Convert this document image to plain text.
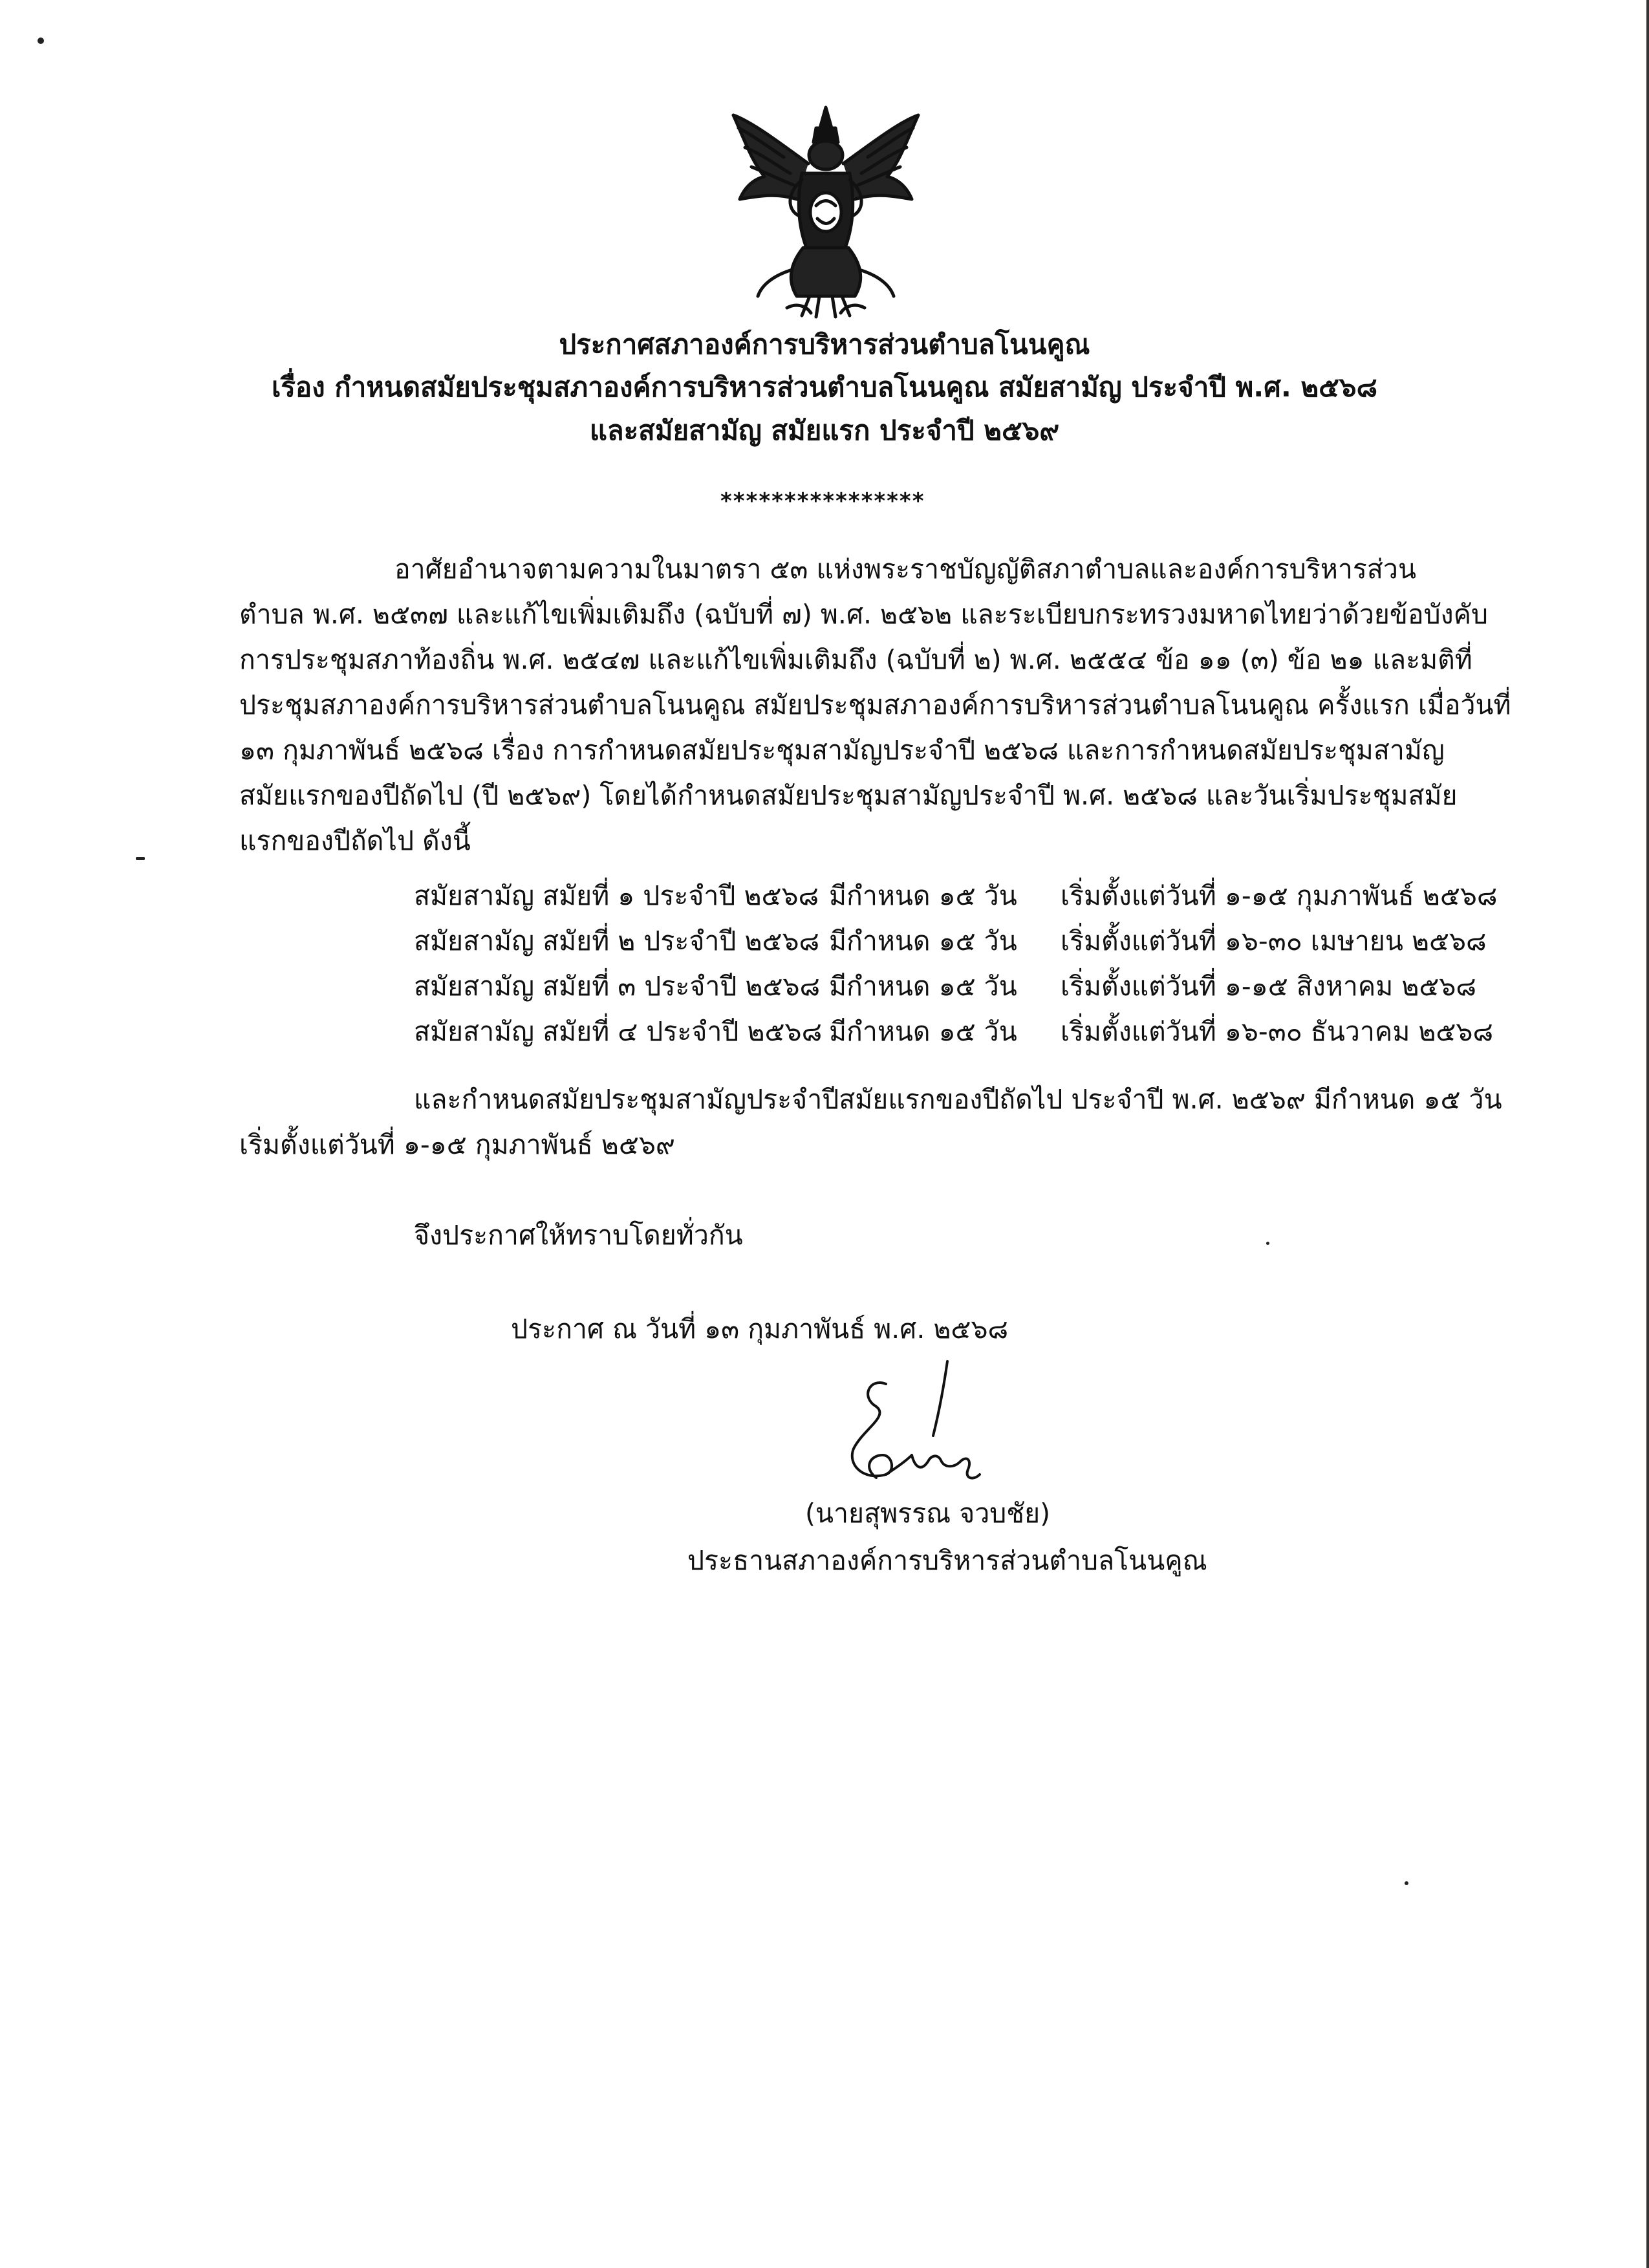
ประกาศสภาองค์การบริหารส่วนตำบลโนนคูณ
เรื่อง กำหนดสมัยประชุมสภาองค์การบริหารส่วนตำบลโนนคูณ สมัยสามัญ ประจำปี พ.ศ. ๒๕๖๘
และสมัยสามัญ สมัยแรก ประจำปี ๒๕๖๙
****************
อาศัยอำนาจตามความในมาตรา ๕๓ แห่งพระราชบัญญัติสภาตำบลและองค์การบริหารส่วน
ตำบล พ.ศ. ๒๕๓๗ และแก้ไขเพิ่มเติมถึง (ฉบับที่ ๗) พ.ศ. ๒๕๖๒ และระเบียบกระทรวงมหาดไทยว่าด้วยข้อบังคับ
การประชุมสภาท้องถิ่น พ.ศ. ๒๕๔๗ และแก้ไขเพิ่มเติมถึง (ฉบับที่ ๒) พ.ศ. ๒๕๕๔ ข้อ ๑๑ (๓) ข้อ ๒๑ และมติที่
ประชุมสภาองค์การบริหารส่วนตำบลโนนคูณ สมัยประชุมสภาองค์การบริหารส่วนตำบลโนนคูณ ครั้งแรก เมื่อวันที่
๑๓ กุมภาพันธ์ ๒๕๖๘ เรื่อง การกำหนดสมัยประชุมสามัญประจำปี ๒๕๖๘ และการกำหนดสมัยประชุมสามัญ
สมัยแรกของปีถัดไป (ปี ๒๕๖๙) โดยได้กำหนดสมัยประชุมสามัญประจำปี พ.ศ. ๒๕๖๘ และวันเริ่มประชุมสมัย
แรกของปีถัดไป ดังนี้
สมัยสามัญ สมัยที่ ๑ ประจำปี ๒๕๖๘ มีกำหนด ๑๕ วัน เริ่มตั้งแต่วันที่ ๑-๑๕ กุมภาพันธ์ ๒๕๖๘
สมัยสามัญ สมัยที่ ๒ ประจำปี ๒๕๖๘ มีกำหนด ๑๕ วัน เริ่มตั้งแต่วันที่ ๑๖-๓๐ เมษายน ๒๕๖๘
สมัยสามัญ สมัยที่ ๓ ประจำปี ๒๕๖๘ มีกำหนด ๑๕ วัน เริ่มตั้งแต่วันที่ ๑-๑๕ สิงหาคม ๒๕๖๘
สมัยสามัญ สมัยที่ ๔ ประจำปี ๒๕๖๘ มีกำหนด ๑๕ วัน เริ่มตั้งแต่วันที่ ๑๖-๓๐ ธันวาคม ๒๕๖๘
และกำหนดสมัยประชุมสามัญประจำปีสมัยแรกของปีถัดไป ประจำปี พ.ศ. ๒๕๖๙ มีกำหนด ๑๕ วัน
เริ่มตั้งแต่วันที่ ๑-๑๕ กุมภาพันธ์ ๒๕๖๙
จึงประกาศให้ทราบโดยทั่วกัน
ประกาศ ณ วันที่ ๑๓ กุมภาพันธ์ พ.ศ. ๒๕๖๘
(นายสุพรรณ จวบชัย)
ประธานสภาองค์การบริหารส่วนตำบลโนนคูณ
